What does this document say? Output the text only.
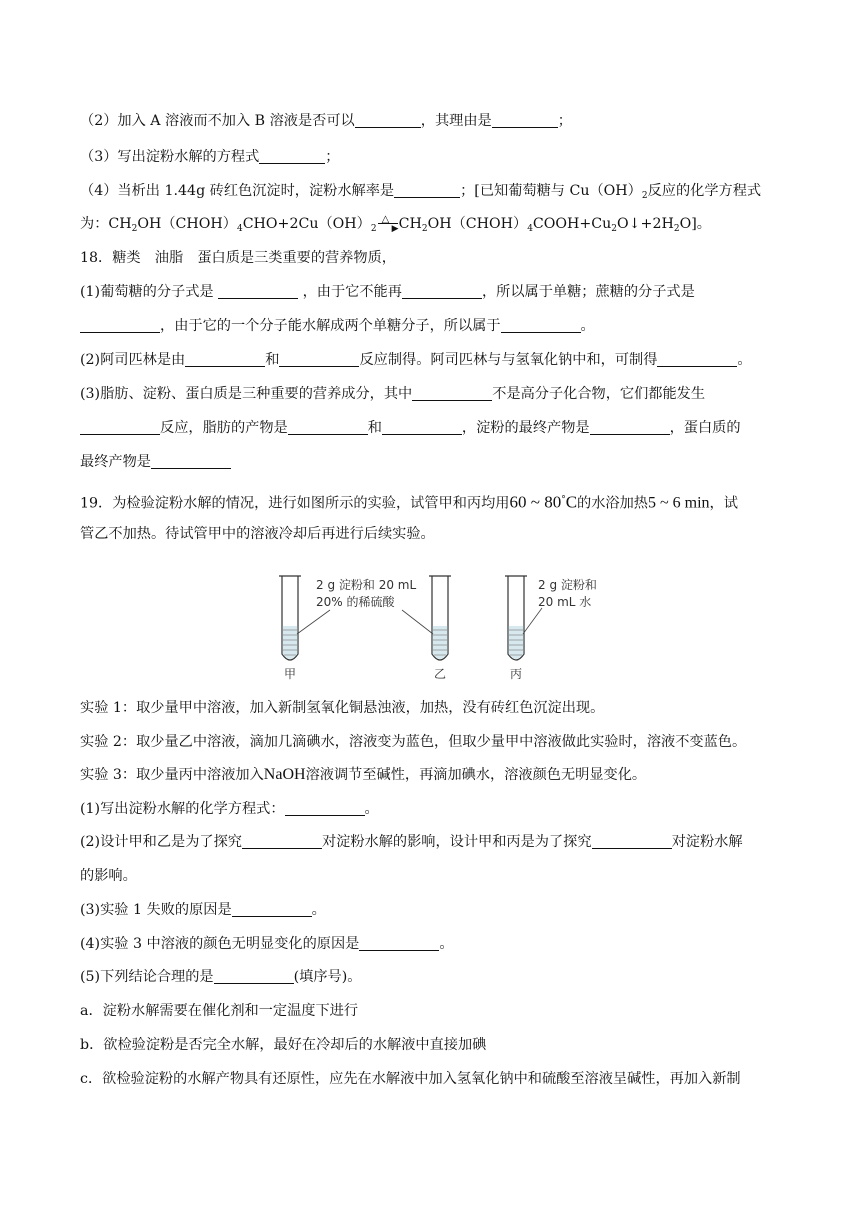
（2）加入 A 溶液而不加入 B 溶液是否可以	，其理由是	；
（3）写出淀粉水解的方程式	；
（4）当析出 1.44g 砖红色沉淀时，淀粉水解率是	；[已知葡萄糖与 $Cu(OH)_2$反应的化学方程式
为：$CH_2OH(CHOH)_4CHO+2Cu(OH)_2$
△
▶ $CH_2OH(CHOH)_4COOH+Cu_2O↓+2H_2O$]。
18．糖类　油脂　蛋白质是三类重要的营养物质，
(1)葡萄糖的分子式是	，由于它不能再	，所以属于单糖；蔗糖的分子式是
，由于它的一个分子能水解成两个单糖分子，所以属于	。
(2)阿司匹林是由	和	反应制得。阿司匹林与与氢氧化钠中和，可制得	。
(3)脂肪、淀粉、蛋白质是三种重要的营养成分，其中	不是高分子化合物，它们都能发生
反应，脂肪的产物是	和	，淀粉的最终产物是	，蛋白质的
最终产物是
19．为检验淀粉水解的情况，进行如图所示的实验，试管甲和丙均用60 ~ 80°C的水浴加热5 ~ 6 min，试
管乙不加热。待试管甲中的溶液冷却后再进行后续实验。
2 g 淀粉和 20 mL
20% 的稀硫酸
2 g 淀粉和
20 mL 水
甲	乙	丙
实验 1：取少量甲中溶液，加入新制氢氧化铜悬浊液，加热，没有砖红色沉淀出现。
实验 2：取少量乙中溶液，滴加几滴碘水，溶液变为蓝色，但取少量甲中溶液做此实验时，溶液不变蓝色。
实验 3：取少量丙中溶液加入NaOH溶液调节至碱性，再滴加碘水，溶液颜色无明显变化。
(1)写出淀粉水解的化学方程式：	。
(2)设计甲和乙是为了探究	对淀粉水解的影响，设计甲和丙是为了探究	对淀粉水解
的影响。
(3)实验 1 失败的原因是	。
(4)实验 3 中溶液的颜色无明显变化的原因是	。
(5)下列结论合理的是	(填序号)。
a．淀粉水解需要在催化剂和一定温度下进行
b．欲检验淀粉是否完全水解，最好在冷却后的水解液中直接加碘
c．欲检验淀粉的水解产物具有还原性，应先在水解液中加入氢氧化钠中和硫酸至溶液呈碱性，再加入新制
